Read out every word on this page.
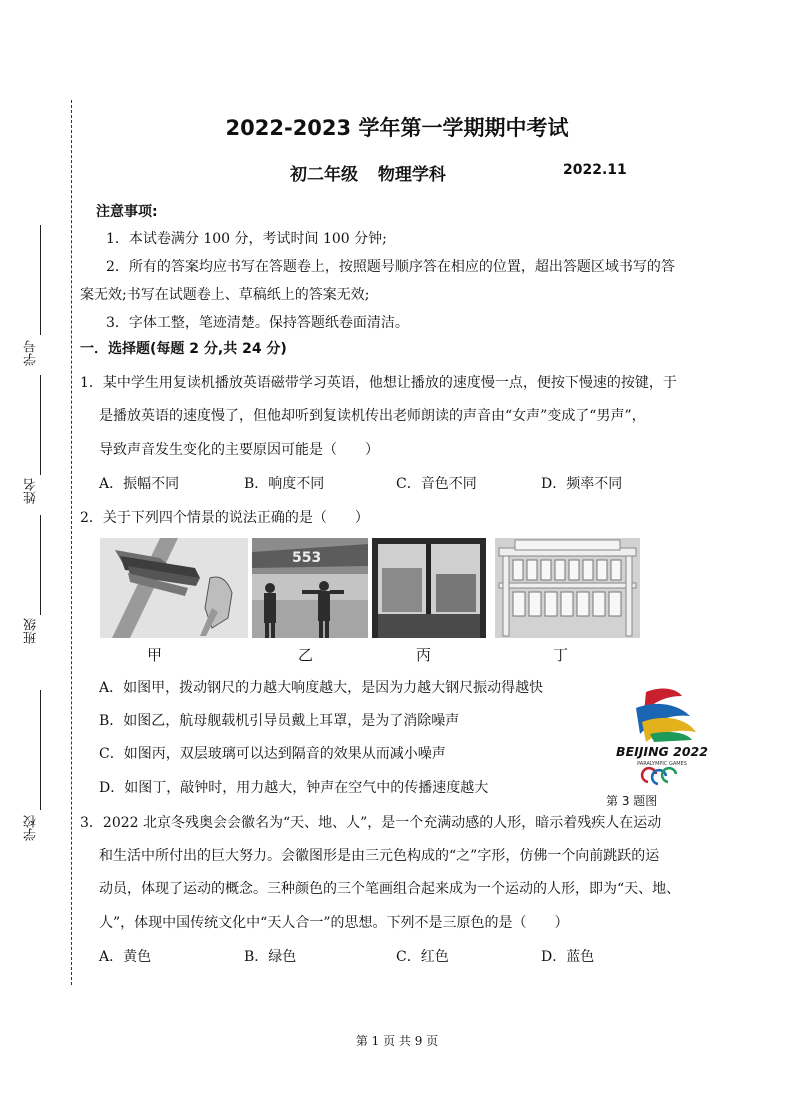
学号
姓名
班级
学校
2022-2023 学年第一学期期中考试
初二年级 物理学科	2022.11
注意事项:
1．本试卷满分 100 分，考试时间 100 分钟;
2．所有的答案均应书写在答题卷上，按照题号顺序答在相应的位置，超出答题区域书写的答
案无效;书写在试题卷上、草稿纸上的答案无效;
3．字体工整，笔迹清楚。保持答题纸卷面清洁。
一．选择题(每题 2 分,共 24 分)
1．某中学生用复读机播放英语磁带学习英语，他想让播放的速度慢一点，便按下慢速的按键，于
是播放英语的速度慢了，但他却听到复读机传出老师朗读的声音由“女声”变成了“男声”，
导致声音发生变化的主要原因可能是（　　）
A．振幅不同	B．响度不同	C．音色不同	D．频率不同
2．关于下列四个情景的说法正确的是（　　）
553
甲	乙	丙	丁
A．如图甲，拨动钢尺的力越大响度越大，是因为力越大钢尺振动得越快
B．如图乙，航母舰载机引导员戴上耳罩，是为了消除噪声
C．如图丙，双层玻璃可以达到隔音的效果从而减小噪声
D．如图丁，敲钟时，用力越大，钟声在空气中的传播速度越大
BEIJING 2022
PARALYMPIC GAMES
第 3 题图
3．2022 北京冬残奥会会徽名为“天、地、人”，是一个充满动感的人形，暗示着残疾人在运动
和生活中所付出的巨大努力。会徽图形是由三元色构成的“之”字形，仿佛一个向前跳跃的运
动员，体现了运动的概念。三种颜色的三个笔画组合起来成为一个运动的人形，即为“天、地、
人”，体现中国传统文化中“天人合一”的思想。下列不是三原色的是（　　）
A．黄色	B．绿色	C．红色	D．蓝色
第 1 页 共 9 页
